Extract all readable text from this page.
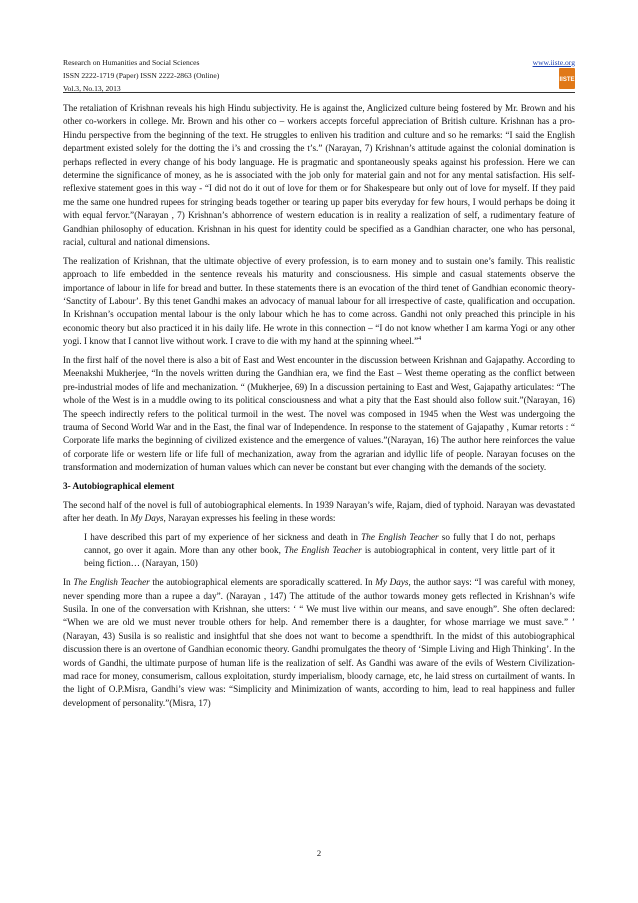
Research on Humanities and Social Sciences
ISSN 2222-1719 (Paper) ISSN 2222-2863 (Online)
Vol.3, No.13, 2013
www.iiste.org
IISTE

The retaliation of Krishnan reveals his high Hindu subjectivity. He is against the, Anglicized culture being fostered by Mr. Brown and his other co-workers in college. Mr. Brown and his other co – workers accepts forceful appreciation of British culture. Krishnan has a pro-Hindu perspective from the beginning of the text. He struggles to enliven his tradition and culture and so he remarks: “I said the English department existed solely for the dotting the i’s and crossing the t’s.” (Narayan, 7) Krishnan’s attitude against the colonial domination is perhaps reflected in every change of his body language. He is pragmatic and spontaneously speaks against his profession. Here we can determine the significance of money, as he is associated with the job only for material gain and not for any mental satisfaction. His self- reflexive statement goes in this way - “I did not do it out of love for them or for Shakespeare but only out of love for myself. If they paid me the same one hundred rupees for stringing beads together or tearing up paper bits everyday for few hours, I would perhaps be doing it with equal fervor.”(Narayan , 7) Krishnan’s abhorrence of western education is in reality a realization of self, a rudimentary feature of Gandhian philosophy of education. Krishnan in his quest for identity could be specified as a Gandhian character, one who has personal, racial, cultural and national dimensions.

The realization of Krishnan, that the ultimate objective of every profession, is to earn money and to sustain one’s family. This realistic approach to life embedded in the sentence reveals his maturity and consciousness. His simple and casual statements observe the importance of labour in life for bread and butter. In these statements there is an evocation of the third tenet of Gandhian economic theory- ‘Sanctity of Labour’. By this tenet Gandhi makes an advocacy of manual labour for all irrespective of caste, qualification and occupation. In Krishnan’s occupation mental labour is the only labour which he has to come across. Gandhi not only preached this principle in his economic theory but also practiced it in his daily life. He wrote in this connection – “I do not know whether I am karma Yogi or any other yogi. I know that I cannot live without work. I crave to die with my hand at the spinning wheel.”$^4$

In the first half of the novel there is also a bit of East and West encounter in the discussion between Krishnan and Gajapathy. According to Meenakshi Mukherjee, “In the novels written during the Gandhian era, we find the East – West theme operating as the conflict between pre-industrial modes of life and mechanization. “ (Mukherjee, 69) In a discussion pertaining to East and West, Gajapathy articulates: “The whole of the West is in a muddle owing to its political consciousness and what a pity that the East should also follow suit.”(Narayan, 16) The speech indirectly refers to the political turmoil in the west. The novel was composed in 1945 when the West was undergoing the trauma of Second World War and in the East, the final war of Independence. In response to the statement of Gajapathy , Kumar retorts : “ Corporate life marks the beginning of civilized existence and the emergence of values.”(Narayan, 16) The author here reinforces the value of corporate life or western life or life full of mechanization, away from the agrarian and idyllic life of people. Narayan focuses on the transformation and modernization of human values which can never be constant but ever changing with the demands of the society.

3- Autobiographical element

The second half of the novel is full of autobiographical elements. In 1939 Narayan’s wife, Rajam, died of typhoid. Narayan was devastated after her death. In My Days, Narayan expresses his feeling in these words:

I have described this part of my experience of her sickness and death in The English Teacher so fully that I do not, perhaps cannot, go over it again. More than any other book, The English Teacher is autobiographical in content, very little part of it being fiction… (Narayan, 150)

In The English Teacher the autobiographical elements are sporadically scattered. In My Days, the author says: “I was careful with money, never spending more than a rupee a day”. (Narayan , 147) The attitude of the author towards money gets reflected in Krishnan’s wife Susila. In one of the conversation with Krishnan, she utters: ‘ “ We must live within our means, and save enough”. She often declared: “When we are old we must never trouble others for help. And remember there is a daughter, for whose marriage we must save.” ’ (Narayan, 43) Susila is so realistic and insightful that she does not want to become a spendthrift. In the midst of this autobiographical discussion there is an overtone of Gandhian economic theory. Gandhi promulgates the theory of ‘Simple Living and High Thinking’. In the words of Gandhi, the ultimate purpose of human life is the realization of self. As Gandhi was aware of the evils of Western Civilization- mad race for money, consumerism, callous exploitation, sturdy imperialism, bloody carnage, etc, he laid stress on curtailment of wants. In the light of O.P.Misra, Gandhi’s view was: “Simplicity and Minimization of wants, according to him, lead to real happiness and fuller development of personality.”(Misra, 17)

2
